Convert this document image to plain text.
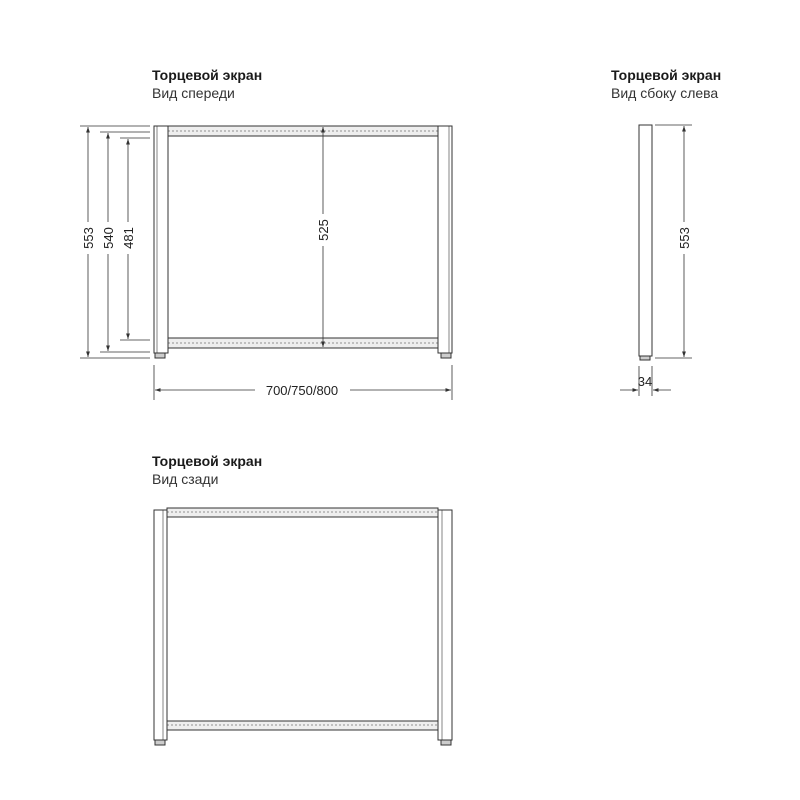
Торцевой экран
Вид спереди
Торцевой экран
Вид сбоку слева
Торцевой экран
Вид сзади
553 540 481	525
700/750/800
553
34
